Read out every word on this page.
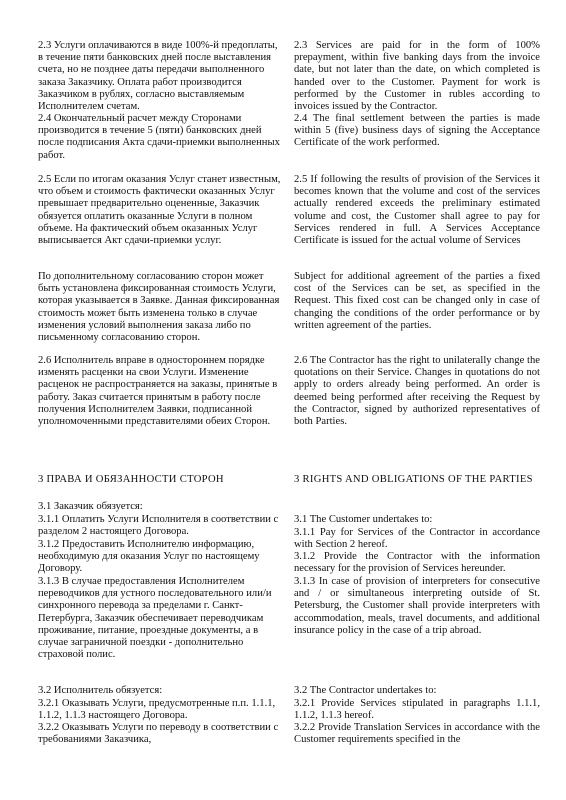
2.3 Услуги оплачиваются в виде 100%-й предоплаты, в течение пяти банковских дней после выставления счета, но не позднее даты передачи выполненного заказа Заказчику. Оплата работ производится Заказчиком в рублях, согласно выставляемым Исполнителем счетам.

2.4 Окончательный расчет между Сторонами производится в течение 5 (пяти) банковских дней после подписания Акта сдачи-приемки выполненных работ.

2.5 Если по итогам оказания Услуг станет известным, что объем и стоимость фактически оказанных Услуг превышает предварительно оцененные, Заказчик обязуется оплатить оказанные Услуги в полном объеме. На фактический объем оказанных Услуг выписывается Акт сдачи-приемки услуг.

По дополнительному согласованию сторон может быть установлена фиксированная стоимость Услуги, которая указывается в Заявке. Данная фиксированная стоимость может быть изменена только в случае изменения условий выполнения заказа либо по письменному согласованию сторон.

2.6 Исполнитель вправе в одностороннем порядке изменять расценки на свои Услуги. Изменение расценок не распространяется на заказы, принятые в работу. Заказ считается принятым в работу после получения Исполнителем Заявки, подписанной уполномоченными представителями обеих Сторон.

3 ПРАВА И ОБЯЗАННОСТИ СТОРОН

3.1 Заказчик обязуется:

3.1.1 Оплатить Услуги Исполнителя в соответствии с разделом 2 настоящего Договора.

3.1.2 Предоставить Исполнителю информацию, необходимую для оказания Услуг по настоящему Договору.

3.1.3 В случае предоставления Исполнителем переводчиков для устного последовательного или/и синхронного перевода за пределами г. Санкт-Петербурга, Заказчик обеспечивает переводчикам проживание, питание, проездные документы, а в случае заграничной поездки - дополнительно страховой полис.

3.2 Исполнитель обязуется:

3.2.1 Оказывать Услуги, предусмотренные п.п. 1.1.1, 1.1.2, 1.1.3 настоящего Договора.

3.2.2 Оказывать Услуги по переводу в соответствии с требованиями Заказчика,

2.3 Services are paid for in the form of 100% prepayment, within five banking days from the invoice date, but not later than the date, on which completed is handed over to the Customer. Payment for work is performed by the Customer in rubles according to invoices issued by the Contractor.

2.4 The final settlement between the parties is made within 5 (five) business days of signing the Acceptance Certificate of the work performed.

2.5 If following the results of provision of the Services it becomes known that the volume and cost of the services actually rendered exceeds the preliminary estimated volume and cost, the Customer shall agree to pay for Services rendered in full. A Services Acceptance Certificate is issued for the actual volume of Services

Subject for additional agreement of the parties a fixed cost of the Services can be set, as specified in the Request. This fixed cost can be changed only in case of changing the conditions of the order performance or by written agreement of the parties.

2.6 The Contractor has the right to unilaterally change the quotations on their Service. Changes in quotations do not apply to orders already being performed. An order is deemed being performed after receiving the Request by the Contractor, signed by authorized representatives of both Parties.

3 RIGHTS AND OBLIGATIONS OF THE PARTIES

3.1 The Customer undertakes to:

3.1.1 Pay for Services of the Contractor in accordance with Section 2 hereof.

3.1.2 Provide the Contractor with the information necessary for the provision of Services hereunder.

3.1.3 In case of provision of interpreters for consecutive and / or simultaneous interpreting outside of St. Petersburg, the Customer shall provide interpreters with accommodation, meals, travel documents, and additional insurance policy in the case of a trip abroad.

3.2 The Contractor undertakes to:

3.2.1 Provide Services stipulated in paragraphs 1.1.1, 1.1.2, 1.1.3 hereof.

3.2.2 Provide Translation Services in accordance with the Customer requirements specified in the
